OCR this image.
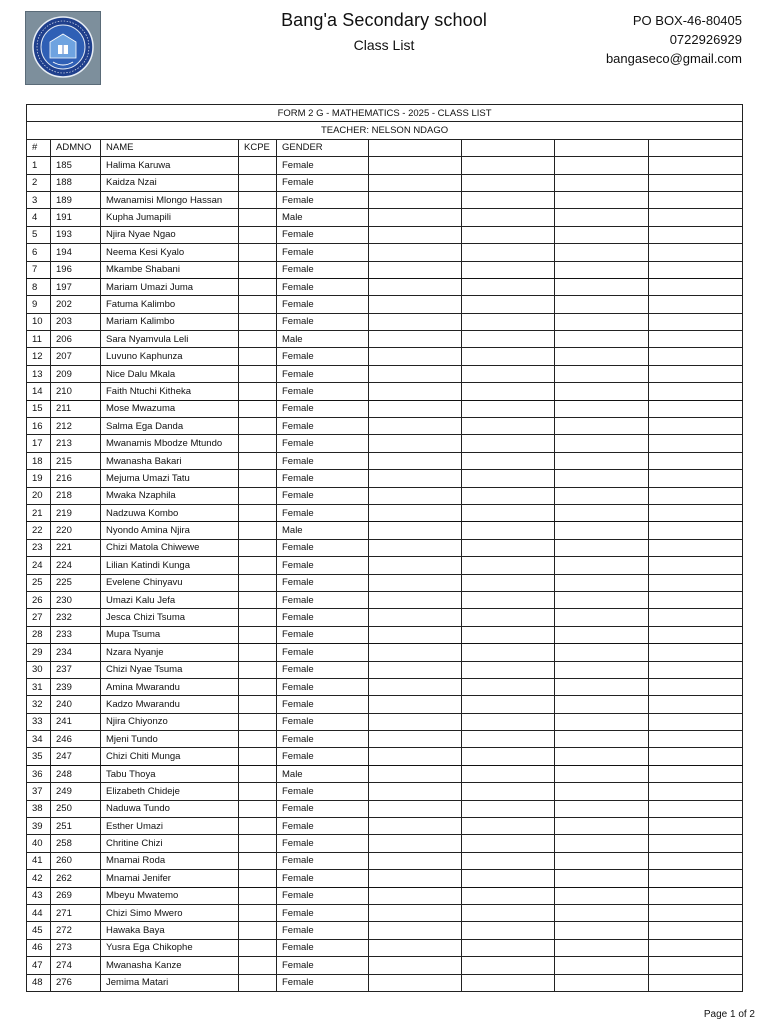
Bang'a Secondary school
Class List
PO BOX-46-80405
0722926929
bangaseco@gmail.com
FORM 2 G - MATHEMATICS - 2025 - CLASS LIST								
TEACHER: NELSON NDAGO								
#	ADMNO	NAME	KCPE	GENDER				
1	185	Halima Karuwa		Female				
2	188	Kaidza Nzai		Female				
3	189	Mwanamisi Mlongo Hassan		Female				
4	191	Kupha Jumapili		Male				
5	193	Njira Nyae Ngao		Female				
6	194	Neema Kesi Kyalo		Female				
7	196	Mkambe Shabani		Female				
8	197	Mariam Umazi Juma		Female				
9	202	Fatuma Kalimbo		Female				
10	203	Mariam Kalimbo		Female				
11	206	Sara Nyamvula Leli		Male				
12	207	Luvuno Kaphunza		Female				
13	209	Nice Dalu Mkala		Female				
14	210	Faith Ntuchi Kitheka		Female				
15	211	Mose Mwazuma		Female				
16	212	Salma Ega Danda		Female				
17	213	Mwanamis Mbodze Mtundo		Female				
18	215	Mwanasha Bakari		Female				
19	216	Mejuma Umazi Tatu		Female				
20	218	Mwaka Nzaphila		Female				
21	219	Nadzuwa Kombo		Female				
22	220	Nyondo Amina Njira		Male				
23	221	Chizi Matola Chiwewe		Female				
24	224	Lilian Katindi Kunga		Female				
25	225	Evelene Chinyavu		Female				
26	230	Umazi Kalu Jefa		Female				
27	232	Jesca Chizi Tsuma		Female				
28	233	Mupa Tsuma		Female				
29	234	Nzara Nyanje		Female				
30	237	Chizi Nyae Tsuma		Female				
31	239	Amina Mwarandu		Female				
32	240	Kadzo Mwarandu		Female				
33	241	Njira Chiyonzo		Female				
34	246	Mjeni Tundo		Female				
35	247	Chizi Chiti Munga		Female				
36	248	Tabu Thoya		Male				
37	249	Elizabeth Chideje		Female				
38	250	Naduwa Tundo		Female				
39	251	Esther Umazi		Female				
40	258	Chritine Chizi		Female				
41	260	Mnamai Roda		Female				
42	262	Mnamai Jenifer		Female				
43	269	Mbeyu Mwatemo		Female				
44	271	Chizi Simo Mwero		Female				
45	272	Hawaka Baya		Female				
46	273	Yusra Ega Chikophe		Female				
47	274	Mwanasha Kanze		Female				
48	276	Jemima Matari		Female				
Page 1 of 2
